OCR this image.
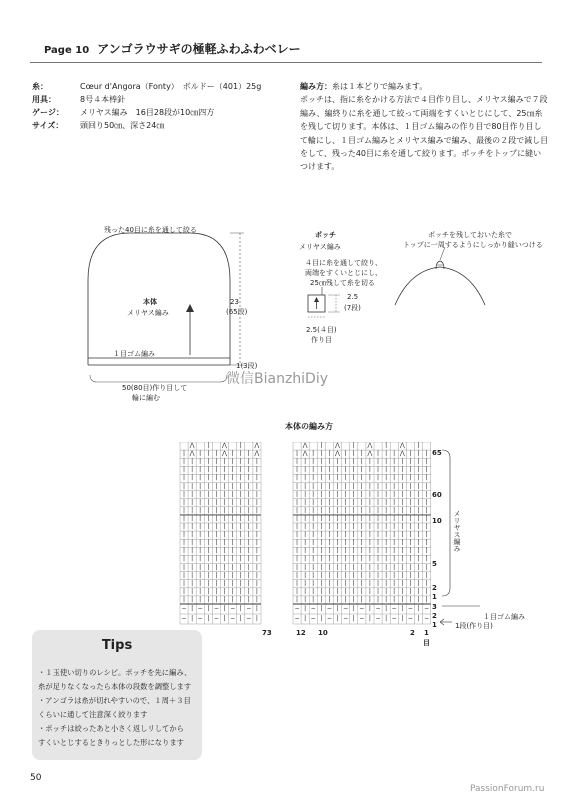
Page 10 アンゴラウサギの極軽ふわふわベレー
糸：	Cœur d'Angora（Fonty）　ボルドー（401）25g
用具：	8号４本棒針
ゲージ：	メリヤス編み　16目28段が10㎝四方
サイズ：	頭回り50㎝、深さ24㎝
編み方：糸は１本どりで編みます。
ポッチは、指に糸をかける方法で４目作り目し、メリヤス編みで７段
編み、編終りに糸を通して絞って両端をすくいとじにして、25㎝糸
を残して切ります。本体は、１目ゴム編みの作り目で80目作り目し
て輪にし、１目ゴム編みとメリヤス編みで編み、最後の２段で減し目
をして、残った40目に糸を通して絞ります。ポッチをトップに縫い
つけます。
残った40目に糸を通して絞る
本体
メリヤス編み
23
(65段)
１目ゴム編み
1(3段)
50(80目)作り目して
輪に編む
ポッチ
メリヤス編み
４目に糸を通して絞り、
両端をすくいとじにし、
25㎝残して糸を切る
2.5
(7段)
2.5(４目)
作り目
ポッチを残しておいた糸で
トップに一周するようにしっかり縫いつける
微信BianzhiDiy
本体の編み方
⋀	|	⋀	|	⋀
| ⋀ |	|	| ⋀ |	|	| ⋀
|	|	|	|	|	|	|	|	|	|
|	|	|	|	|	|	|	|	|	|
|	|	|	|	|	|	|	|	|	|
|	|	|	|	|	|	|	|	|	|
|	|	|	|	|	|	|	|	|	|
|	|	|	|	|	|	|	|	|	|
|	|	|	|	|	|	|	|	|	|
|	|	|	|	|	|	|	|	|	|
|	|	|	|	|	|	|	|	|	|
|	|	|	|	|	|	|	|	|	|
|	|	|	|	|	|	|	|	|	|
|	|	|	|	|	|	|	|	|	|
|	|	|	|	|	|	|	|	|	|
|	|	|	|	|	|	|	|	|	|
|	|	|	|	|	|	|	|	|	|
|	|	|	|	|	|	|	|	|	|
|	|	|	|	|	|	|	|	|	|
|	|	|	|	|	|	|	|	|	|
−
−
|
|
−
−
|
|
−
−
|
|
−
−
|
|
−
−
|
|
⋀	|	⋀	|	⋀	|	⋀	|
| ⋀ |	|	| ⋀ |	|	| ⋀ |	|	| ⋀ |	|	|
|	|	|	|	|	|	|	|	|	|	|	|	|	|	|	|	|
|	|	|	|	|	|	|	|	|	|	|	|	|	|	|	|	|
|	|	|	|	|	|	|	|	|	|	|	|	|	|	|	|	|
|	|	|	|	|	|	|	|	|	|	|	|	|	|	|	|	|
|	|	|	|	|	|	|	|	|	|	|	|	|	|	|	|	|
|	|	|	|	|	|	|	|	|	|	|	|	|	|	|	|	|
|	|	|	|	|	|	|	|	|	|	|	|	|	|	|	|	|
|	|	|	|	|	|	|	|	|	|	|	|	|	|	|	|	|
|	|	|	|	|	|	|	|	|	|	|	|	|	|	|	|	|
|	|	|	|	|	|	|	|	|	|	|	|	|	|	|	|	|
|	|	|	|	|	|	|	|	|	|	|	|	|	|	|	|	|
|	|	|	|	|	|	|	|	|	|	|	|	|	|	|	|	|
|	|	|	|	|	|	|	|	|	|	|	|	|	|	|	|	|
|	|	|	|	|	|	|	|	|	|	|	|	|	|	|	|	|
|	|	|	|	|	|	|	|	|	|	|	|	|	|	|	|	|
|	|	|	|	|	|	|	|	|	|	|	|	|	|	|	|	|
|	|	|	|	|	|	|	|	|	|	|	|	|	|	|	|	|
|	|	|	|	|	|	|	|	|	|	|	|	|	|	|	|	|
−
−
|
|
−
−
|
|
−
−
|
|
−
−
|
|
−
−
|
|
−
−
|
|
−
−
|
|
−
−
|
|
−
−
65
60
10
5
2
1
3
2
1
メリヤス編み
１目ゴム編み
1段(作り目)
73	12 10	2 1
目
Tips
・１玉使い切りのレシピ。ポッチを先に編み、
糸が足りなくなったら本体の段数を調整します
・アンゴラは糸が切れやすいので、１周＋３目
くらいに通して注意深く絞ります
・ポッチは絞ったあと小さく返しリしてから
すくいとじするときりっとした形になります
50
PassionForum.ru
